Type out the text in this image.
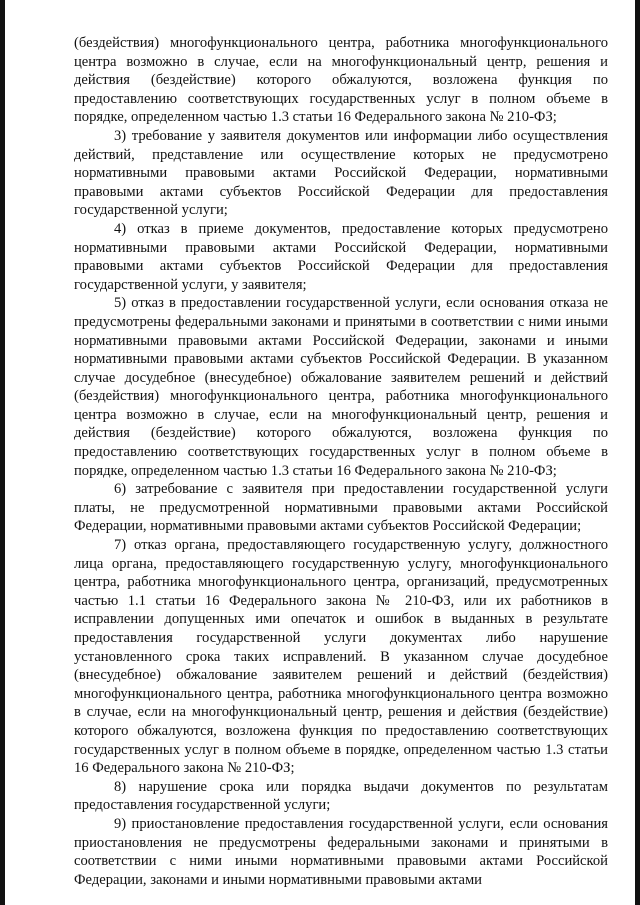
(бездействия) многофункционального центра, работника многофункционального центра возможно в случае, если на многофункциональный центр, решения и действия (бездействие) которого обжалуются, возложена функция по предоставлению соответствующих государственных услуг в полном объеме в порядке, определенном частью 1.3 статьи 16 Федерального закона № 210-ФЗ;

3) требование у заявителя документов или информации либо осуществления действий, представление или осуществление которых не предусмотрено нормативными правовыми актами Российской Федерации, нормативными правовыми актами субъектов Российской Федерации для предоставления государственной услуги;

4) отказ в приеме документов, предоставление которых предусмотрено нормативными правовыми актами Российской Федерации, нормативными правовыми актами субъектов Российской Федерации для предоставления государственной услуги, у заявителя;

5) отказ в предоставлении государственной услуги, если основания отказа не предусмотрены федеральными законами и принятыми в соответствии с ними иными нормативными правовыми актами Российской Федерации, законами и иными нормативными правовыми актами субъектов Российской Федерации. В указанном случае досудебное (внесудебное) обжалование заявителем решений и действий (бездействия) многофункционального центра, работника многофункционального центра возможно в случае, если на многофункциональный центр, решения и действия (бездействие) которого обжалуются, возложена функция по предоставлению соответствующих государственных услуг в полном объеме в порядке, определенном частью 1.3 статьи 16 Федерального закона № 210-ФЗ;

6) затребование с заявителя при предоставлении государственной услуги платы, не предусмотренной нормативными правовыми актами Российской Федерации, нормативными правовыми актами субъектов Российской Федерации;

7) отказ органа, предоставляющего государственную услугу, должностного лица органа, предоставляющего государственную услугу, многофункционального центра, работника многофункционального центра, организаций, предусмотренных частью 1.1 статьи 16 Федерального закона № 210-ФЗ, или их работников в исправлении допущенных ими опечаток и ошибок в выданных в результате предоставления государственной услуги документах либо нарушение установленного срока таких исправлений. В указанном случае досудебное (внесудебное) обжалование заявителем решений и действий (бездействия) многофункционального центра, работника многофункционального центра возможно в случае, если на многофункциональный центр, решения и действия (бездействие) которого обжалуются, возложена функция по предоставлению соответствующих государственных услуг в полном объеме в порядке, определенном частью 1.3 статьи 16 Федерального закона № 210-ФЗ;

8) нарушение срока или порядка выдачи документов по результатам предоставления государственной услуги;

9) приостановление предоставления государственной услуги, если основания приостановления не предусмотрены федеральными законами и принятыми в соответствии с ними иными нормативными правовыми актами Российской Федерации, законами и иными нормативными правовыми актами
